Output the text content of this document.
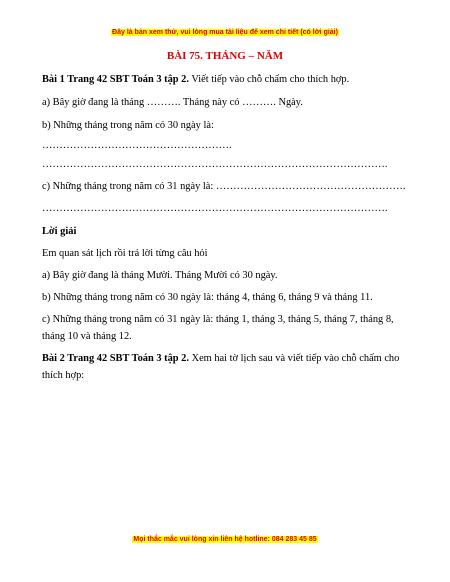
Đây là bản xem thử, vui lòng mua tài liệu để xem chi tiết (có lời giải)
BÀI 75. THÁNG – NĂM
Bài 1 Trang 42 SBT Toán 3 tập 2. Viết tiếp vào chỗ chấm cho thích hợp.
a) Bây giờ đang là tháng ………. Tháng này có ………. Ngày.
b) Những tháng trong năm có 30 ngày là:
……………………………………………….
……………………………………………………………………………………….
c) Những tháng trong năm có 31 ngày là: ……………………………………………….
……………………………………………………………………………………….
Lời giải
Em quan sát lịch rồi trả lời từng câu hỏi
a) Bây giờ đang là tháng Mười. Tháng Mười có 30 ngày.
b) Những tháng trong năm có 30 ngày là: tháng 4, tháng 6, tháng 9 và tháng 11.
c) Những tháng trong năm có 31 ngày là: tháng 1, tháng 3, tháng 5, tháng 7, tháng 8, tháng 10 và tháng 12.
Bài 2 Trang 42 SBT Toán 3 tập 2. Xem hai tờ lịch sau và viết tiếp vào chỗ chấm cho thích hợp:
Mọi thắc mắc vui lòng xin liên hệ hotline: 084 283 45 85
